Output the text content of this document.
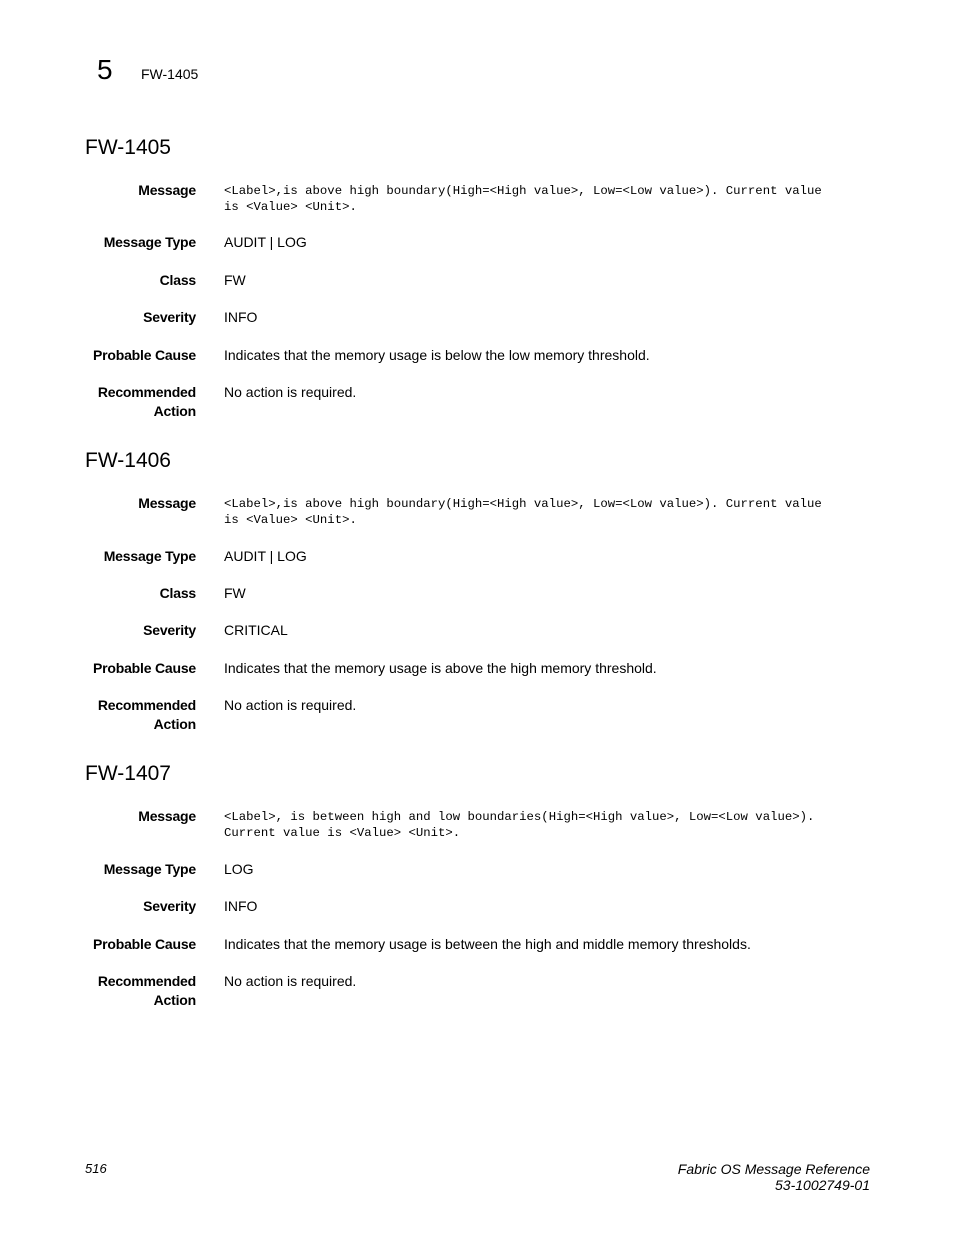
5 FW-1405
FW-1405
Message <Label>,is above high boundary(High=<High value>, Low=<Low value>). Current value
is <Value> <Unit>.
Message Type AUDIT | LOG
Class FW
Severity INFO
Probable Cause Indicates that the memory usage is below the low memory threshold.
Recommended
Action
No action is required.
FW-1406
Message <Label>,is above high boundary(High=<High value>, Low=<Low value>). Current value
is <Value> <Unit>.
Message Type AUDIT | LOG
Class FW
Severity CRITICAL
Probable Cause Indicates that the memory usage is above the high memory threshold.
Recommended
Action
No action is required.
FW-1407
Message <Label>, is between high and low boundaries(High=<High value>, Low=<Low value>).
Current value is <Value> <Unit>.
Message Type LOG
Severity INFO
Probable Cause Indicates that the memory usage is between the high and middle memory thresholds.
Recommended
Action
No action is required.
516	Fabric OS Message Reference
53-1002749-01
